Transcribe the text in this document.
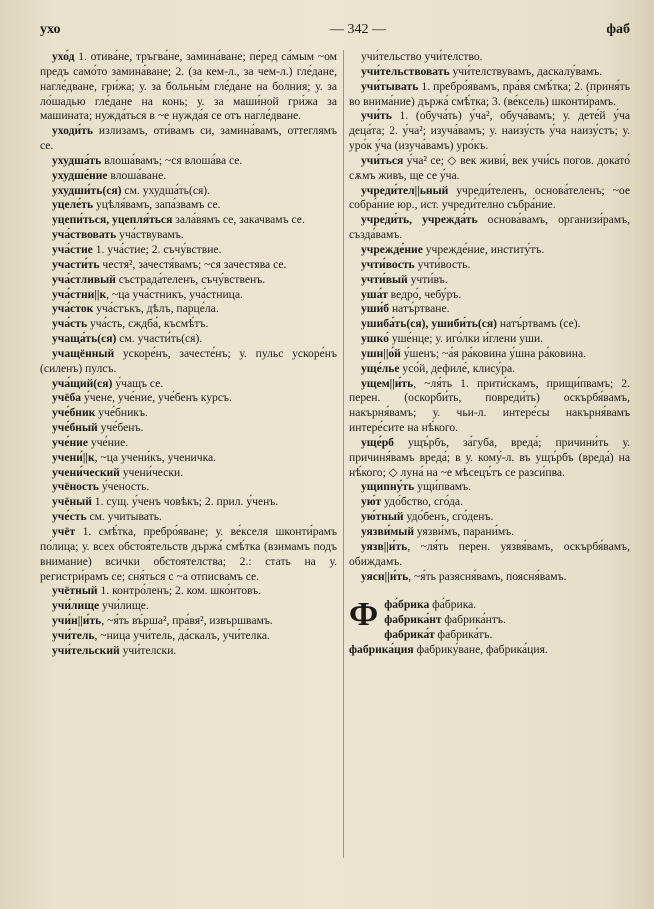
ухо	— 342 —	фаб

ухо́д 1. отива́не, тръгва́не, замина́ване; пе́ред са́мым ~ом предъ само́то замина́ване; 2. (за кем-л., за чем-л.) гле́дане, нагле́дване, гри́жа; у. за больны́м гле́дане на болния; у. за ло́шадью гле́дане на конь; у. за маши́ной гри́жа за машината; нужда́ться в ~е нужда́я се отъ нагле́дване.

уходи́ть излизамъ, оти́вамъ си, замина́вамъ, оттеглямъ се.

ухудша́ть влоша́вамъ; ~ся влоша́ва се.

ухудше́ние влоша́ване.

ухудши́ть(ся) см. ухудша́ть(ся).

уцеле́ть уцѣля́вамъ, запа́звамъ се.

уцепи́ться, уцепля́ться зала́вямъ се, закачвамъ се.

уча́ствовать уча́ствувамъ.

уча́стие 1. уча́стие; 2. съчу́вствие.

участи́ть честя², зачестя́вамъ; ~ся зачестява се.

уча́стливый състрада́теленъ, съчу́вственъ.

уча́стни||к, ~ца уча́стникъ, уча́стница.

уча́сток уча́стъкъ, дѣлъ, парце́ла.

уча́сть уча́сть, сждба́, късмѣ́тъ.

учаща́ть(ся) см. участи́ть(ся).

учащённый ускоре́нъ, зачесте́нъ; у. пульс ускоре́нъ (силенъ) пулсъ.

уча́щий(ся) у́чащъ се.

учёба у́чене, уче́ние, уче́бенъ курсъ.

уче́бник уче́бникъ.

уче́бный уче́бенъ.

уче́ние уче́ние.

учени́||к, ~ца учени́къ, ученичка.

учени́ческий учени́чески.

учёность у́ченость.

учёный 1. сущ. у́ченъ човѣкъ; 2. прил. у́ченъ.

уче́сть см. учитывать.

учёт 1. смѣ́тка, пребро́яване; у. ве́кселя шконти́рамъ по́лица; у. всех обстоя́тельств държа́ смѣ́тка (взимамъ подъ внимание) всички обстоятелства; 2.: стать на у. регистри́рамъ се; сня́ться с ~а отписвамъ се.

учётный 1. контро́ленъ; 2. ком. шко́нтовъ.

учи́лище учи́лище.

учи́н||и́ть, ~я́ть въ́рша², пра́вя², извършвамъ.

учи́тель, ~ница учи́тель, да́скалъ, учи́телка.

учи́тельский учи́телски.

учи́тельство учи́телство.

учи́тельствовать учи́телствувамъ, даскалу́вамъ.

учи́тывать 1. пребро́явамъ, пра́вя смѣ́тка; 2. (приня́ть во внима́ние) държа́ смѣ́тка; 3. (ве́ксель) шконти́рамъ.

учи́ть 1. (обуча́ть) у́ча², обуча́вамъ; у. дете́й у́ча деца́та; 2. у́ча²; изуча́вамъ; у. наизу́сть у́ча наизу́стъ; у. уро́к у́ча (изуча́вамъ) уро́къ.

учи́ться у́ча² се; ◇ век живи́, век учи́сь погов. докато́ сѫмъ живъ, ще се у́ча.

учреди́тел||ьный учреди́теленъ, основа́теленъ; ~ое собра́ние юр., ист. учреди́телно събра́ние.

учреди́ть, учрежда́ть основа́вамъ, организи́рамъ, създа́вамъ.

учрежде́ние учрежде́ние, институ́тъ.

учти́вость учти́вость.

учти́вый учти́въ.

уша́т ведро́, чебу́ръ.

уши́б натъ́ртване.

ушиба́ть(ся), ушиби́ть(ся) натъ́ртвамъ (се).

ушко́ уше́нце; у. иго́лки и́глени уши.

ушн||о́й у́шенъ; ~а́я ра́ковина у́шна ра́ковина.

уще́лье усо́й, дефиле́, клису́ра.

ущем||и́ть, ~ля́ть 1. прити́скамъ, прищи́пвамъ; 2. перен. (оскорби́ть, повреди́ть) оскърбя́вамъ, накърня́вамъ; у. чьи-л. интере́сы накърня́вамъ интере́сите на нѣ́кого.

уще́рб ущъ́рбъ, за́губа, вреда́; причини́ть у. причиня́вамъ вреда́; в у. кому́-л. въ ущъ́рбъ (вреда́) на нѣ́кого; ◇ луна́ на ~е мѣсецъ́тъ се разси́пва.

ущипну́ть ущи́пвамъ.

ую́т удо́бство, сго́да.

ую́тный удо́бенъ, сго́денъ.

уязви́мый уязви́мъ, парани́мъ.

уязв||и́ть, ~ля́ть перен. уязвя́вамъ, оскърбя́вамъ, обиждамъ.

уясн||и́ть, ~я́ть разясня́вамъ, поясня́вамъ.

Ф фа́брика фа́брика.

фабрика́нт фабрика́нтъ.

фабрика́т фабрика́тъ.

фабрика́ция фабрику́ване, фабрика́ция.
